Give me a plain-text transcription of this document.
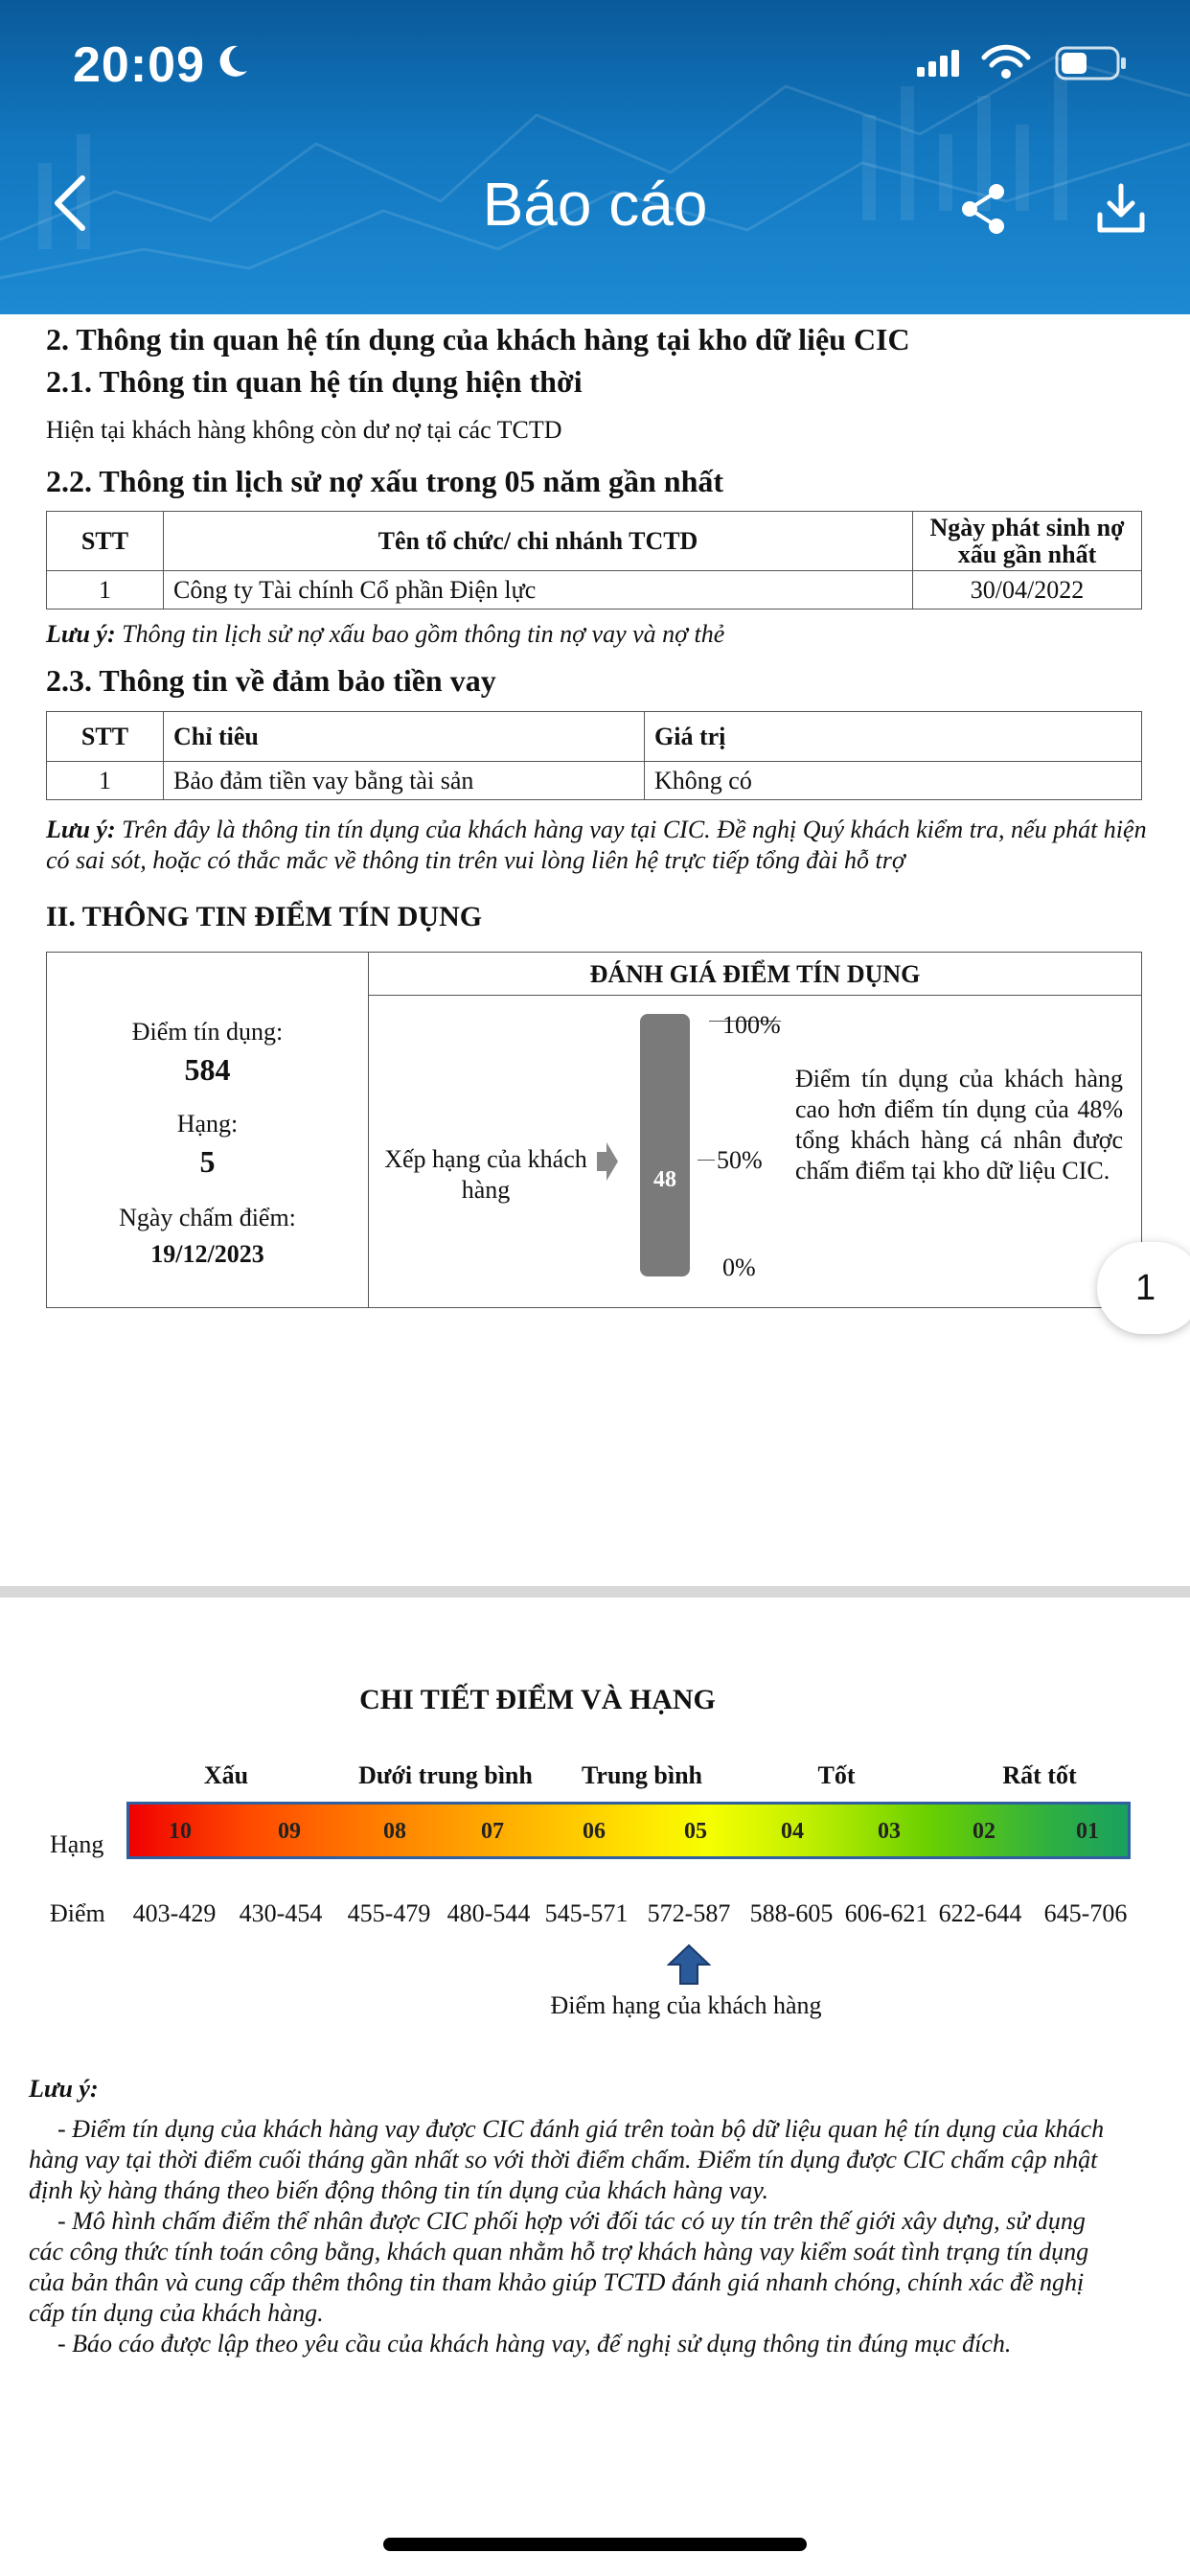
20:09
Báo cáo
2. Thông tin quan hệ tín dụng của khách hàng tại kho dữ liệu CIC
2.1. Thông tin quan hệ tín dụng hiện thời
Hiện tại khách hàng không còn dư nợ tại các TCTD
2.2. Thông tin lịch sử nợ xấu trong 05 năm gần nhất
STT	Tên tổ chức/ chi nhánh TCTD	Ngày phát sinh nợ xấu gần nhất
1	Công ty Tài chính Cổ phần Điện lực	30/04/2022
Lưu ý: Thông tin lịch sử nợ xấu bao gồm thông tin nợ vay và nợ thẻ
2.3. Thông tin về đảm bảo tiền vay
STT	Chỉ tiêu	Giá trị
1	Bảo đảm tiền vay bằng tài sản	Không có
Lưu ý: Trên đây là thông tin tín dụng của khách hàng vay tại CIC. Đề nghị Quý khách kiểm tra, nếu phát hiện có sai sót, hoặc có thắc mắc về thông tin trên vui lòng liên hệ trực tiếp tổng đài hỗ trợ
II. THÔNG TIN ĐIỂM TÍN DỤNG
Điểm tín dụng:
584
Hạng:
5
Ngày chấm điểm:
19/12/2023
ĐÁNH GIÁ ĐIỂM TÍN DỤNG
Xếp hạng của khách hàng	48
100%
50%
0%
Điểm tín dụng của khách hàng cao hơn điểm tín dụng của 48% tổng khách hàng cá nhân được chấm điểm tại kho dữ liệu CIC.
1
CHI TIẾT ĐIỂM VÀ HẠNG
Xấu	Dưới trung bình Trung bình	Tốt	Rất tốt
Hạng	10	09	08	07	06	05	04	03	02	01
Điểm 403-429 430-454 455-479 480-544 545-571 572-587 588-605 606-621 622-644 645-706
Điểm hạng của khách hàng

Lưu ý:

- Điểm tín dụng của khách hàng vay được CIC đánh giá trên toàn bộ dữ liệu quan hệ tín dụng của khách hàng vay tại thời điểm cuối tháng gần nhất so với thời điểm chấm. Điểm tín dụng được CIC chấm cập nhật định kỳ hàng tháng theo biến động thông tin tín dụng của khách hàng vay.

- Mô hình chấm điểm thể nhân được CIC phối hợp với đối tác có uy tín trên thế giới xây dựng, sử dụng các công thức tính toán công bằng, khách quan nhằm hỗ trợ khách hàng vay kiểm soát tình trạng tín dụng của bản thân và cung cấp thêm thông tin tham khảo giúp TCTD đánh giá nhanh chóng, chính xác đề nghị cấp tín dụng của khách hàng.

- Báo cáo được lập theo yêu cầu của khách hàng vay, để nghị sử dụng thông tin đúng mục đích.
